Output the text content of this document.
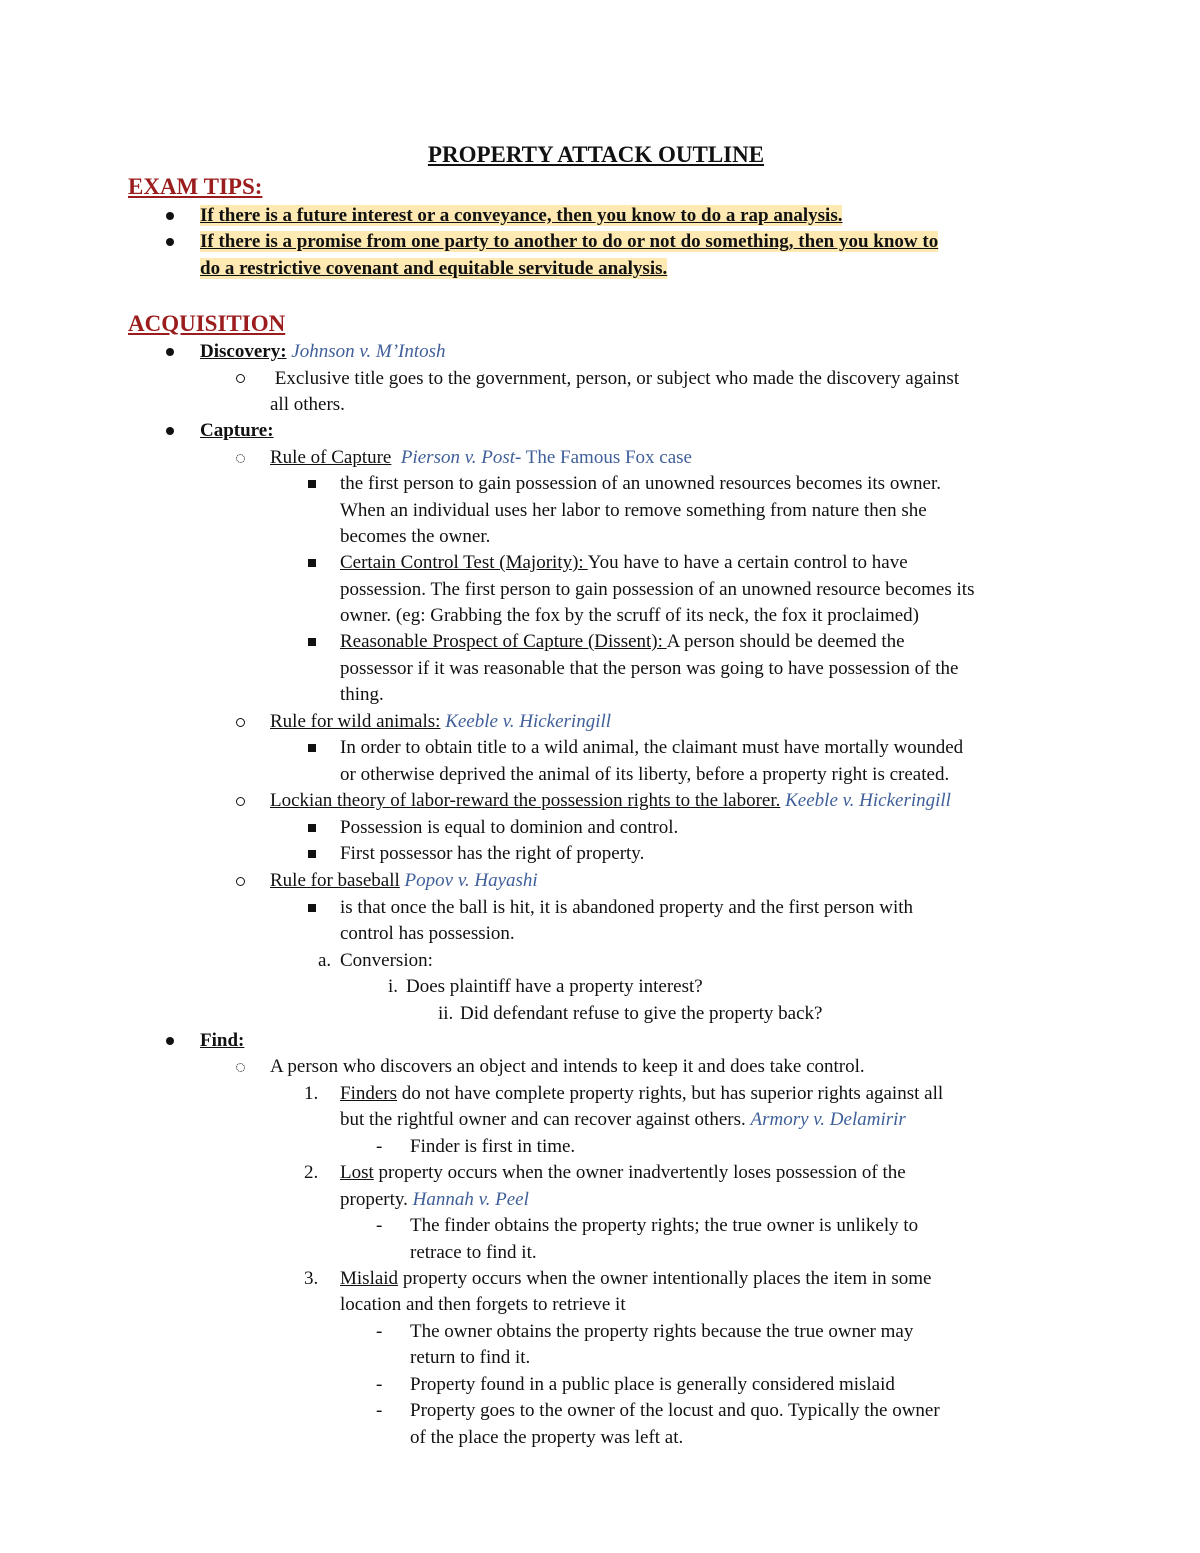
PROPERTY ATTACK OUTLINE
EXAM TIPS:
If there is a future interest or a conveyance, then you know to do a rap analysis.
If there is a promise from one party to another to do or not do something, then you know to
do a restrictive covenant and equitable servitude analysis.
ACQUISITION
Discovery: Johnson v. M’Intosh
Exclusive title goes to the government, person, or subject who made the discovery against
all others.
Capture:
Rule of Capture Pierson v. Post- The Famous Fox case
the first person to gain possession of an unowned resources becomes its owner.
When an individual uses her labor to remove something from nature then she
becomes the owner.
Certain Control Test (Majority): You have to have a certain control to have
possession. The first person to gain possession of an unowned resource becomes its
owner. (eg: Grabbing the fox by the scruff of its neck, the fox it proclaimed)
Reasonable Prospect of Capture (Dissent): A person should be deemed the
possessor if it was reasonable that the person was going to have possession of the
thing.
Rule for wild animals: Keeble v. Hickeringill
In order to obtain title to a wild animal, the claimant must have mortally wounded
or otherwise deprived the animal of its liberty, before a property right is created.
Lockian theory of labor-reward the possession rights to the laborer. Keeble v. Hickeringill
Possession is equal to dominion and control.
First possessor has the right of property.
Rule for baseball Popov v. Hayashi
is that once the ball is hit, it is abandoned property and the first person with
control has possession.
a. Conversion:
i. Does plaintiff have a property interest?
ii. Did defendant refuse to give the property back?
Find:
A person who discovers an object and intends to keep it and does take control.
1. Finders do not have complete property rights, but has superior rights against all
but the rightful owner and can recover against others. Armory v. Delamirir
- Finder is first in time.
2. Lost property occurs when the owner inadvertently loses possession of the
property. Hannah v. Peel
- The finder obtains the property rights; the true owner is unlikely to
retrace to find it.
3. Mislaid property occurs when the owner intentionally places the item in some
location and then forgets to retrieve it
- The owner obtains the property rights because the true owner may
return to find it.
- Property found in a public place is generally considered mislaid
- Property goes to the owner of the locust and quo. Typically the owner
of the place the property was left at.
